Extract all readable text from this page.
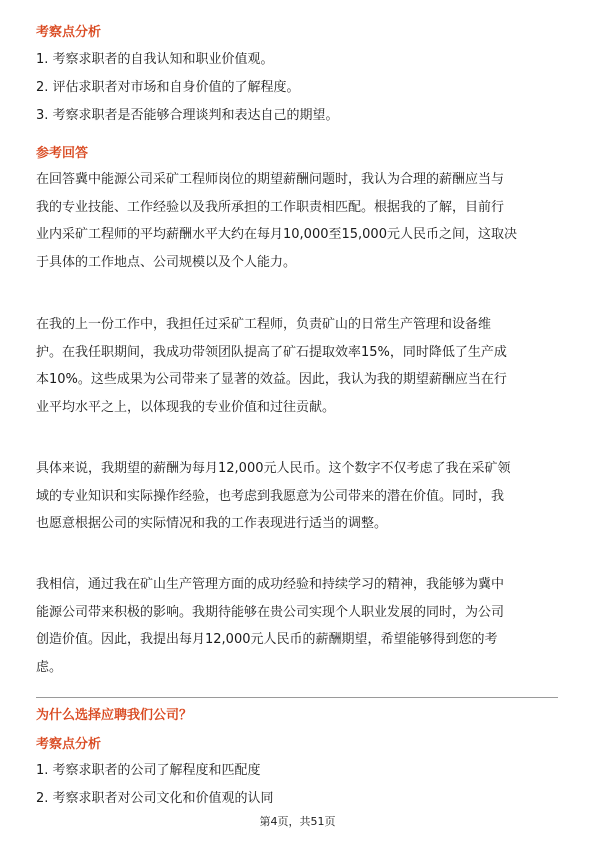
考察点分析
1. 考察求职者的自我认知和职业价值观。
2. 评估求职者对市场和自身价值的了解程度。
3. 考察求职者是否能够合理谈判和表达自己的期望。
参考回答
在回答冀中能源公司采矿工程师岗位的期望薪酬问题时，我认为合理的薪酬应当与
我的专业技能、工作经验以及我所承担的工作职责相匹配。根据我的了解，目前行
业内采矿工程师的平均薪酬水平大约在每月10,000至15,000元人民币之间，这取决
于具体的工作地点、公司规模以及个人能力。
在我的上一份工作中，我担任过采矿工程师，负责矿山的日常生产管理和设备维
护。在我任职期间，我成功带领团队提高了矿石提取效率15%，同时降低了生产成
本10%。这些成果为公司带来了显著的效益。因此，我认为我的期望薪酬应当在行
业平均水平之上，以体现我的专业价值和过往贡献。
具体来说，我期望的薪酬为每月12,000元人民币。这个数字不仅考虑了我在采矿领
域的专业知识和实际操作经验，也考虑到我愿意为公司带来的潜在价值。同时，我
也愿意根据公司的实际情况和我的工作表现进行适当的调整。
我相信，通过我在矿山生产管理方面的成功经验和持续学习的精神，我能够为冀中
能源公司带来积极的影响。我期待能够在贵公司实现个人职业发展的同时，为公司
创造价值。因此，我提出每月12,000元人民币的薪酬期望，希望能够得到您的考
虑。
为什么选择应聘我们公司？
考察点分析
1. 考察求职者的公司了解程度和匹配度
2. 考察求职者对公司文化和价值观的认同
第4页，共51页
